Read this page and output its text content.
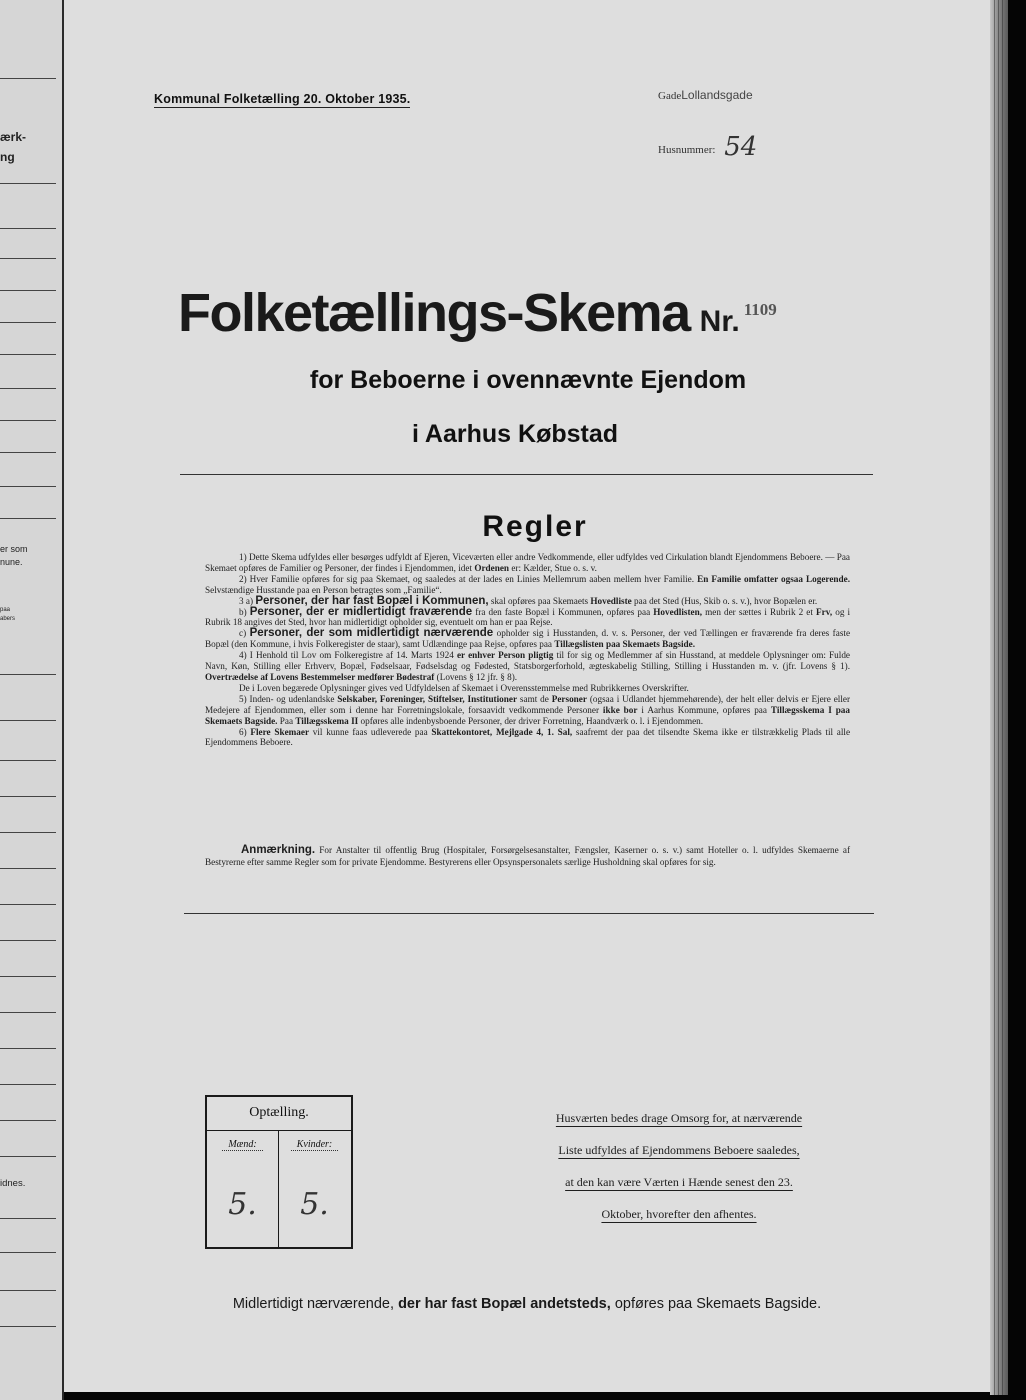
ærk-
ng
er som
nune.
paa
abers
idnes.
Kommunal Folketælling 20. Oktober 1935.	GadeLollandsgade
Husnummer: 54
Folketællings-Skema Nr. $^{1109}$
for Beboerne i ovennævnte Ejendom
i Aarhus Købstad
Regler

1) Dette Skema udfyldes eller besørges udfyldt af Ejeren, Viceværten eller andre Vedkommende, eller udfyldes ved Cirkulation blandt Ejendommens Beboere. — Paa Skemaet opføres de Familier og Personer, der findes i Ejendommen, idet Ordenen er: Kælder, Stue o. s. v.

2) Hver Familie opføres for sig paa Skemaet, og saaledes at der lades en Linies Mellemrum aaben mellem hver Familie. En Familie omfatter ogsaa Logerende. Selvstændige Husstande paa en Person betragtes som „Familie“.

3 a) Personer, der har fast Bopæl i Kommunen, skal opføres paa Skemaets Hovedliste paa det Sted (Hus, Skib o. s. v.), hvor Bopælen er.

b) Personer, der er midlertidigt fraværende fra den faste Bopæl i Kommunen, opføres paa Hovedlisten, men der sættes i Rubrik 2 et Frv, og i Rubrik 18 angives det Sted, hvor han midlertidigt opholder sig, eventuelt om han er paa Rejse.

c) Personer, der som midlertidigt nærværende opholder sig i Husstanden, d. v. s. Personer, der ved Tællingen er fraværende fra deres faste Bopæl (den Kommune, i hvis Folkeregister de staar), samt Udlændinge paa Rejse, opføres paa Tillægslisten paa Skemaets Bagside.

4) I Henhold til Lov om Folkeregistre af 14. Marts 1924 er enhver Person pligtig til for sig og Medlemmer af sin Husstand, at meddele Oplysninger om: Fulde Navn, Køn, Stilling eller Erhverv, Bopæl, Fødselsaar, Fødselsdag og Fødested, Statsborgerforhold, ægteskabelig Stilling, Stilling i Husstanden m. v. (jfr. Lovens § 1). Overtrædelse af Lovens Bestemmelser medfører Bødestraf (Lovens § 12 jfr. § 8).

De i Loven begærede Oplysninger gives ved Udfyldelsen af Skemaet i Overensstemmelse med Rubrikkernes Overskrifter.

5) Inden- og udenlandske Selskaber, Foreninger, Stiftelser, Institutioner samt de Personer (ogsaa i Udlandet hjemmehørende), der helt eller delvis er Ejere eller Medejere af Ejendommen, eller som i denne har Forretningslokale, forsaavidt vedkommende Personer ikke bor i Aarhus Kommune, opføres paa Tillægsskema I paa Skemaets Bagside. Paa Tillægsskema II opføres alle indenbysboende Personer, der driver Forretning, Haandværk o. l. i Ejendommen.

6) Flere Skemaer vil kunne faas udleverede paa Skattekontoret, Mejlgade 4, 1. Sal, saafremt der paa det tilsendte Skema ikke er tilstrækkelig Plads til alle Ejendommens Beboere.

Anmærkning. For Anstalter til offentlig Brug (Hospitaler, Forsørgelsesanstalter, Fængsler, Kaserner o. s. v.) samt Hoteller o. l. udfyldes Skemaerne af Bestyrerne efter samme Regler som for private Ejendomme. Bestyrerens eller Opsynspersonalets særlige Husholdning skal opføres for sig.
Optælling.
Mænd:	Kvinder:
5.	5.
Husværten bedes drage Omsorg for, at nærværende
Liste udfyldes af Ejendommens Beboere saaledes,
at den kan være Værten i Hænde senest den 23.
Oktober, hvorefter den afhentes.
Midlertidigt nærværende, der har fast Bopæl andetsteds, opføres paa Skemaets Bagside.
